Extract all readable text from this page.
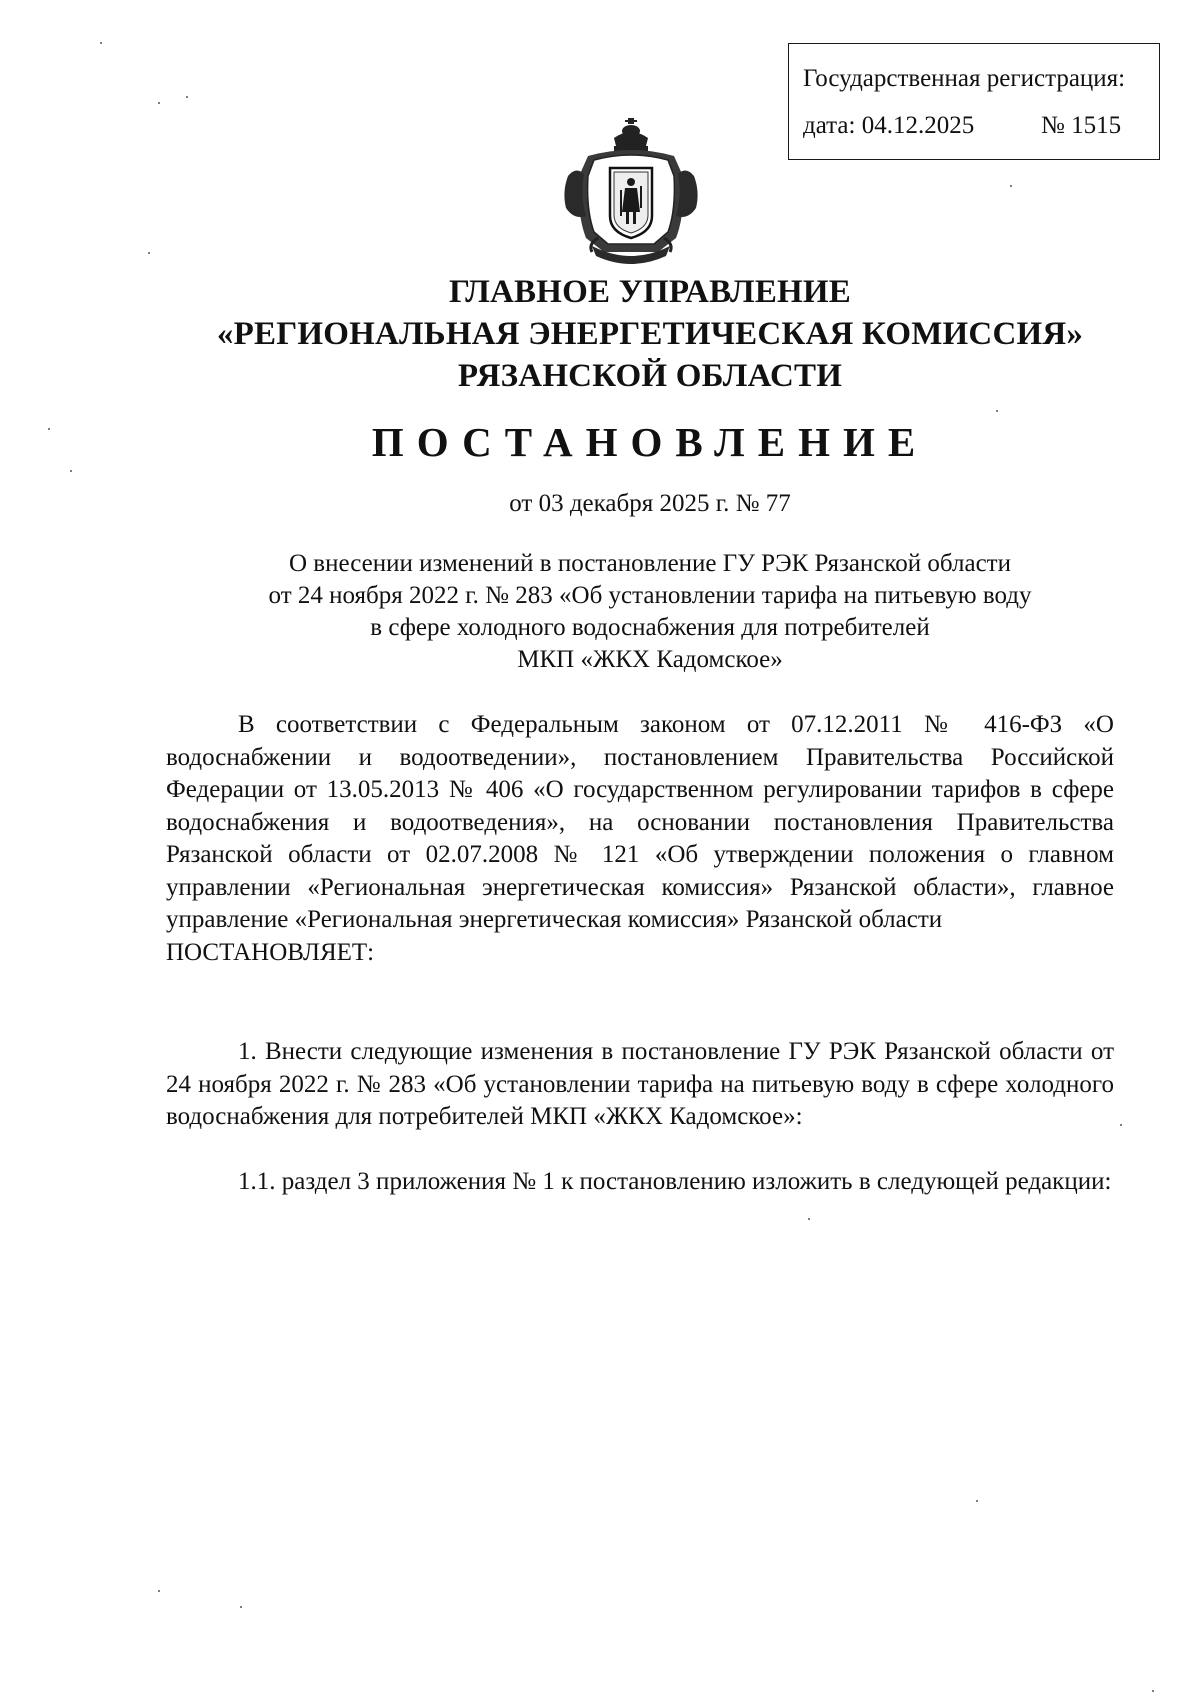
Государственная регистрация:
дата: 04.12.2025	№ 1515
ГЛАВНОЕ УПРАВЛЕНИЕ
«РЕГИОНАЛЬНАЯ ЭНЕРГЕТИЧЕСКАЯ КОМИССИЯ»
РЯЗАНСКОЙ ОБЛАСТИ
ПОСТАНОВЛЕНИЕ
от 03 декабря 2025 г. № 77
О внесении изменений в постановление ГУ РЭК Рязанской области
от 24 ноября 2022 г. № 283 «Об установлении тарифа на питьевую воду
в сфере холодного водоснабжения для потребителей
МКП «ЖКХ Кадомское»
В соответствии с Федеральным законом от 07.12.2011 № 416-ФЗ «О водоснабжении и водоотведении», постановлением Правительства Российской Федерации от 13.05.2013 № 406 «О государственном регулировании тарифов в сфере водоснабжения и водоотведения», на основании постановления Правительства Рязанской области от 02.07.2008 № 121 «Об утверждении положения о главном управлении «Региональная энергетическая комиссия» Рязанской области», главное управление «Региональная энергетическая комиссия» Рязанской области
ПОСТАНОВЛЯЕТ:
1. Внести следующие изменения в постановление ГУ РЭК Рязанской области от 24 ноября 2022 г. № 283 «Об установлении тарифа на питьевую воду в сфере холодного водоснабжения для потребителей МКП «ЖКХ Кадомское»:
1.1. раздел 3 приложения № 1 к постановлению изложить в следующей редакции:
